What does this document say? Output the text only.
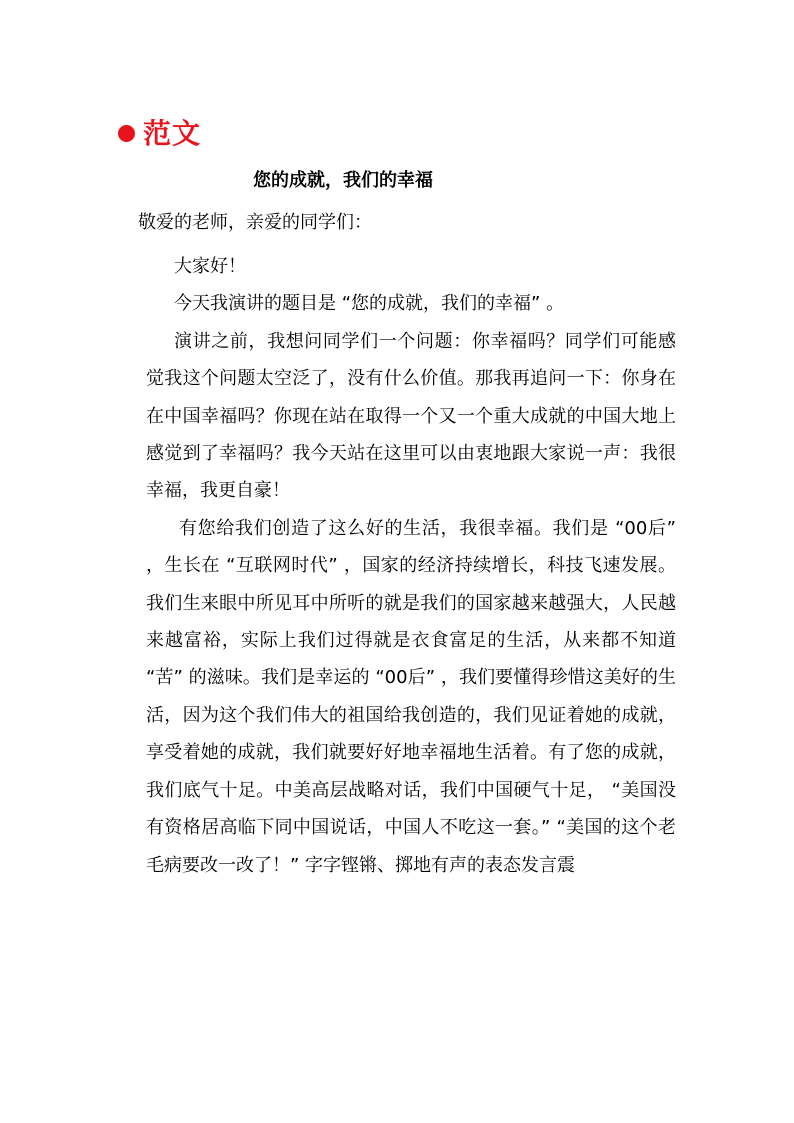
范文
您的成就，我们的幸福
敬爱的老师，亲爱的同学们：

大家好！

今天我演讲的题目是 “您的成就，我们的幸福” 。

演讲之前，我想问同学们一个问题：你幸福吗？同学们可能感觉我这个问题太空泛了，没有什么价值。那我再追问一下：你身在在中国幸福吗？你现在站在取得一个又一个重大成就的中国大地上感觉到了幸福吗？我今天站在这里可以由衷地跟大家说一声：我很幸福，我更自豪！

有您给我们创造了这么好的生活，我很幸福。我们是 “00后” ，生长在 “互联网时代” ，国家的经济持续增长，科技飞速发展。我们生来眼中所见耳中所听的就是我们的国家越来越强大，人民越来越富裕，实际上我们过得就是衣食富足的生活，从来都不知道 “苦” 的滋味。我们是幸运的 “00后” ，我们要懂得珍惜这美好的生活，因为这个我们伟大的祖国给我创造的，我们见证着她的成就，享受着她的成就，我们就要好好地幸福地生活着。有了您的成就，我们底气十足。中美高层战略对话，我们中国硬气十足， “美国没有资格居高临下同中国说话，中国人不吃这一套。” “美国的这个老毛病要改一改了！” 字字铿锵、掷地有声的表态发言震
